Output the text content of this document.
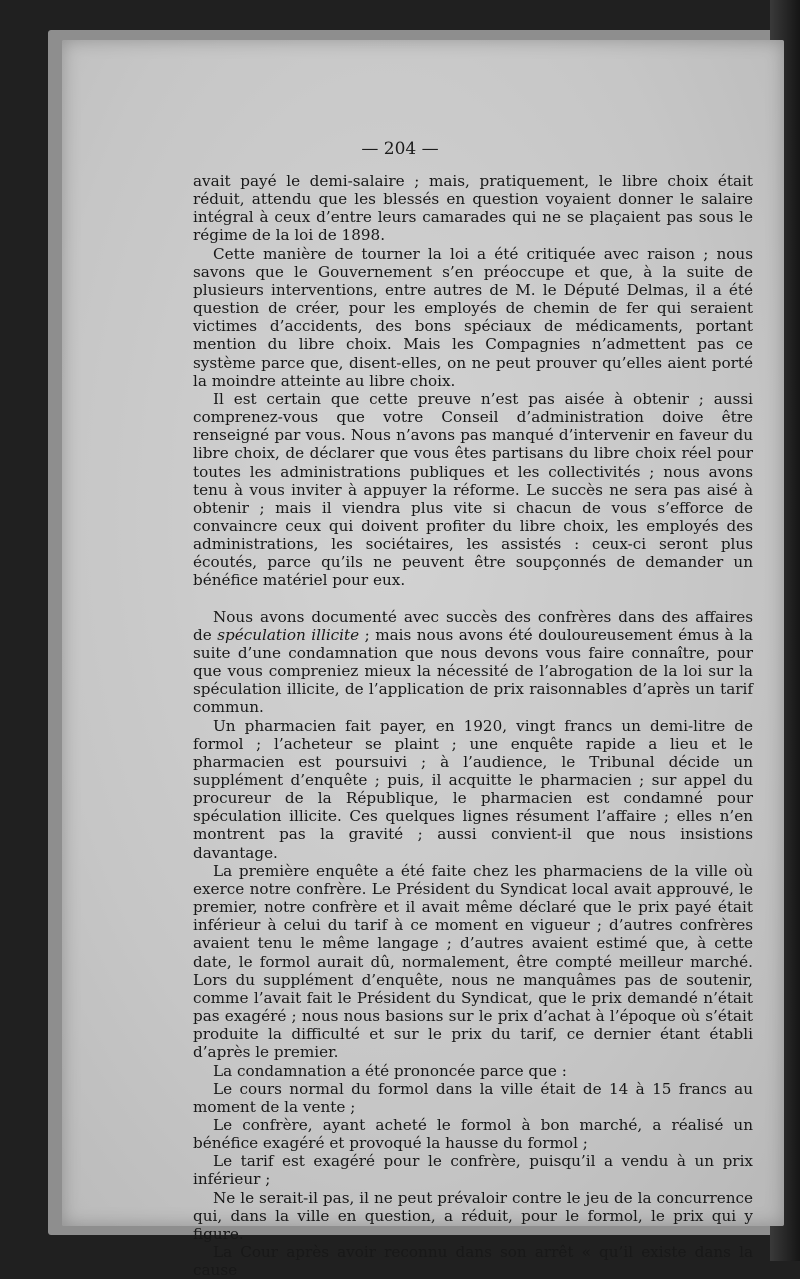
— 204 —

avait payé le demi-salaire ; mais, pratiquement, le libre choix était réduit, attendu que les blessés en question voyaient donner le salaire intégral à ceux d’entre leurs camarades qui ne se plaçaient pas sous le régime de la loi de 1898.

Cette manière de tourner la loi a été critiquée avec raison ; nous savons que le Gouvernement s’en préoccupe et que, à la suite de plusieurs interventions, entre autres de M. le Député Delmas, il a été question de créer, pour les employés de chemin de fer qui seraient victimes d’accidents, des bons spéciaux de médicaments, portant mention du libre choix. Mais les Compagnies n’admettent pas ce système parce que, disent-elles, on ne peut prouver qu’elles aient porté la moindre atteinte au libre choix.

Il est certain que cette preuve n’est pas aisée à obtenir ; aussi comprenez-vous que votre Conseil d’administration doive être renseigné par vous. Nous n’avons pas manqué d’intervenir en faveur du libre choix, de déclarer que vous êtes partisans du libre choix réel pour toutes les administrations publiques et les collectivités ; nous avons tenu à vous inviter à appuyer la réforme. Le succès ne sera pas aisé à obtenir ; mais il viendra plus vite si chacun de vous s’efforce de convaincre ceux qui doivent profiter du libre choix, les employés des administrations, les sociétaires, les assistés : ceux-ci seront plus écoutés, parce qu’ils ne peuvent être soupçonnés de demander un bénéfice matériel pour eux.

Nous avons documenté avec succès des confrères dans des affaires de spéculation illicite ; mais nous avons été douloureusement émus à la suite d’une condamnation que nous devons vous faire connaître, pour que vous compreniez mieux la nécessité de l’abrogation de la loi sur la spéculation illicite, de l’application de prix raisonnables d’après un tarif commun.

Un pharmacien fait payer, en 1920, vingt francs un demi-litre de formol ; l’acheteur se plaint ; une enquête rapide a lieu et le pharmacien est poursuivi ; à l’audience, le Tribunal décide un supplément d’enquête ; puis, il acquitte le pharmacien ; sur appel du procureur de la République, le pharmacien est condamné pour spéculation illicite. Ces quelques lignes résument l’affaire ; elles n’en montrent pas la gravité ; aussi convient-il que nous insistions davantage.

La première enquête a été faite chez les pharmaciens de la ville où exerce notre confrère. Le Président du Syndicat local avait approuvé, le premier, notre confrère et il avait même déclaré que le prix payé était inférieur à celui du tarif à ce moment en vigueur ; d’autres confrères avaient tenu le même langage ; d’autres avaient estimé que, à cette date, le formol aurait dû, normalement, être compté meilleur marché. Lors du supplément d’enquête, nous ne manquâmes pas de soutenir, comme l’avait fait le Président du Syndicat, que le prix demandé n’était pas exagéré ; nous nous basions sur le prix d’achat à l’époque où s’était produite la difficulté et sur le prix du tarif, ce dernier étant établi d’après le premier.

La condamnation a été prononcée parce que :

Le cours normal du formol dans la ville était de 14 à 15 francs au moment de la vente ;

Le confrère, ayant acheté le formol à bon marché, a réalisé un bénéfice exagéré et provoqué la hausse du formol ;

Le tarif est exagéré pour le confrère, puisqu’il a vendu à un prix inférieur ;

Ne le serait-il pas, il ne peut prévaloir contre le jeu de la concurrence qui, dans la ville en question, a réduit, pour le formol, le prix qui y figure.

La Cour après avoir reconnu dans son arrêt « qu’il existe dans la cause
